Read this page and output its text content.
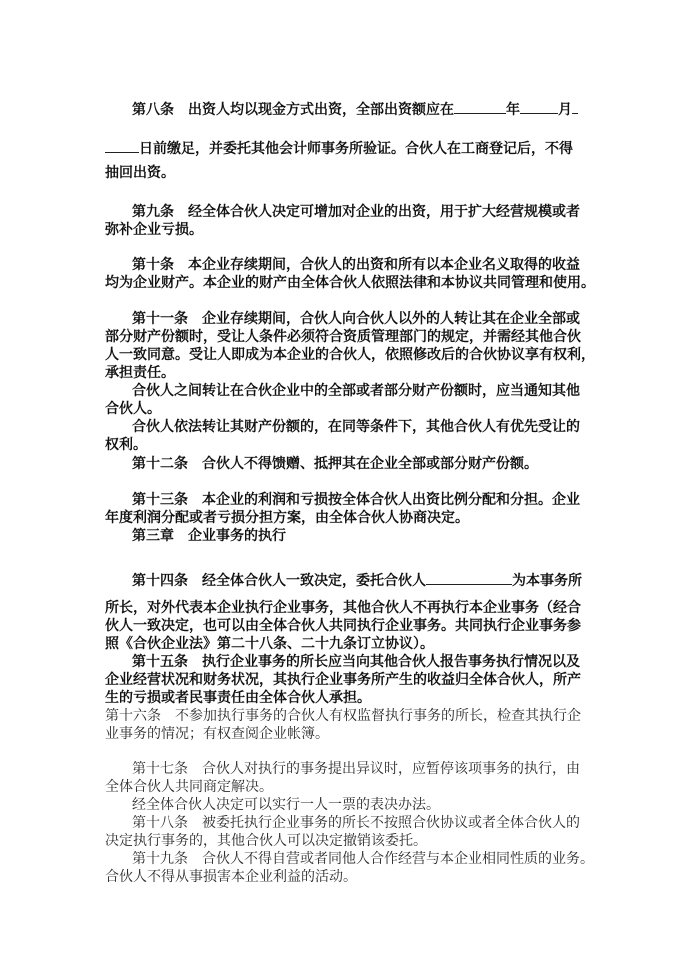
第八条　出资人均以现金方式出资，全部出资额应在	年	月
日前缴足，并委托其他会计师事务所验证。合伙人在工商登记后，不得
抽回出资。
第九条　经全体合伙人决定可增加对企业的出资，用于扩大经营规模或者
弥补企业亏损。
第十条　本企业存续期间，合伙人的出资和所有以本企业名义取得的收益
均为企业财产。本企业的财产由全体合伙人依照法律和本协议共同管理和使用。
第十一条　企业存续期间，合伙人向合伙人以外的人转让其在企业全部或
部分财产份额时，受让人条件必须符合资质管理部门的规定，并需经其他合伙
人一致同意。受让人即成为本企业的合伙人，依照修改后的合伙协议享有权利，
承担责任。
合伙人之间转让在合伙企业中的全部或者部分财产份额时，应当通知其他
合伙人。
合伙人依法转让其财产份额的，在同等条件下，其他合伙人有优先受让的
权利。
第十二条　合伙人不得馈赠、抵押其在企业全部或部分财产份额。
第十三条　本企业的利润和亏损按全体合伙人出资比例分配和分担。企业
年度利润分配或者亏损分担方案，由全体合伙人协商决定。
第三章　企业事务的执行
第十四条　经全体合伙人一致决定，委托合伙人	为本事务所
所长，对外代表本企业执行企业事务，其他合伙人不再执行本企业事务（经合
伙人一致决定，也可以由全体合伙人共同执行企业事务。共同执行企业事务参
照《合伙企业法》第二十八条、二十九条订立协议）。
第十五条　执行企业事务的所长应当向其他合伙人报告事务执行情况以及
企业经营状况和财务状况，其执行企业事务所产生的收益归全体合伙人，所产
生的亏损或者民事责任由全体合伙人承担。
第十六条　不参加执行事务的合伙人有权监督执行事务的所长，检查其执行企
业事务的情况；有权查阅企业帐簿。
第十七条　合伙人对执行的事务提出异议时，应暂停该项事务的执行，由
全体合伙人共同商定解决。
经全体合伙人决定可以实行一人一票的表决办法。
第十八条　被委托执行企业事务的所长不按照合伙协议或者全体合伙人的
决定执行事务的，其他合伙人可以决定撤销该委托。
第十九条　合伙人不得自营或者同他人合作经营与本企业相同性质的业务。
合伙人不得从事损害本企业利益的活动。
